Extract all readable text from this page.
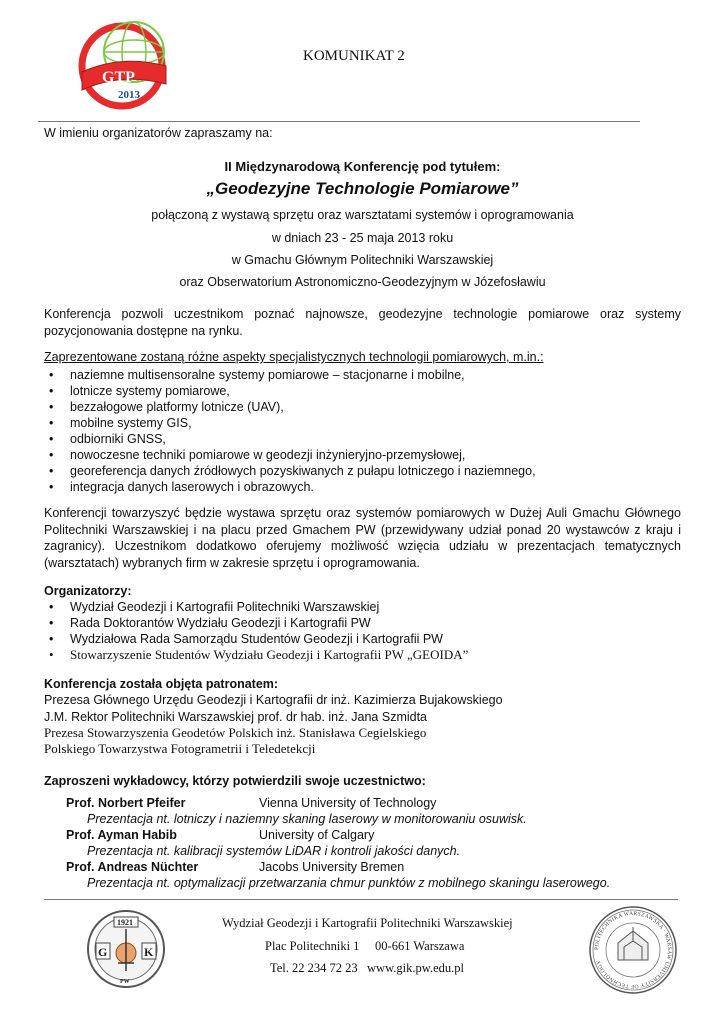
GTP
2013
KOMUNIKAT 2
W imieniu organizatorów zapraszamy na:
II Międzynarodową Konferencję pod tytułem:
„Geodezyjne Technologie Pomiarowe”
połączoną z wystawą sprzętu oraz warsztatami systemów i oprogramowania
w dniach 23 - 25 maja 2013 roku
w Gmachu Głównym Politechniki Warszawskiej
oraz Obserwatorium Astronomiczno-Geodezyjnym w Józefosławiu
Konferencja pozwoli uczestnikom poznać najnowsze, geodezyjne technologie pomiarowe oraz systemy pozycjonowania dostępne na rynku.
Zaprezentowane zostaną różne aspekty specjalistycznych technologii pomiarowych, m.in.:
• naziemne multisensoralne systemy pomiarowe – stacjonarne i mobilne,
• lotnicze systemy pomiarowe,
• bezzałogowe platformy lotnicze (UAV),
• mobilne systemy GIS,
• odbiorniki GNSS,
• nowoczesne techniki pomiarowe w geodezji inżynieryjno-przemysłowej,
• georeferencja danych źródłowych pozyskiwanych z pułapu lotniczego i naziemnego,
• integracja danych laserowych i obrazowych.
Konferencji towarzyszyć będzie wystawa sprzętu oraz systemów pomiarowych w Dużej Auli Gmachu Głównego Politechniki Warszawskiej i na placu przed Gmachem PW (przewidywany udział ponad 20 wystawców z kraju i zagranicy). Uczestnikom dodatkowo oferujemy możliwość wzięcia udziału w prezentacjach tematycznych (warsztatach) wybranych firm w zakresie sprzętu i oprogramowania.
Organizatorzy:
• Wydział Geodezji i Kartografii Politechniki Warszawskiej
• Rada Doktorantów Wydziału Geodezji i Kartografii PW
• Wydziałowa Rada Samorządu Studentów Geodezji i Kartografii PW
• Stowarzyszenie Studentów Wydziału Geodezji i Kartografii PW „GEOIDA”
Konferencja została objęta patronatem:
Prezesa Głównego Urzędu Geodezji i Kartografii dr inż. Kazimierza Bujakowskiego
J.M. Rektor Politechniki Warszawskiej prof. dr hab. inż. Jana Szmidta
Prezesa Stowarzyszenia Geodetów Polskich inż. Stanisława Cegielskiego
Polskiego Towarzystwa Fotogrametrii i Teledetekcji
Zaproszeni wykładowcy, którzy potwierdzili swoje uczestnictwo:
Prof. Norbert Pfeifer	Vienna University of Technology
Prezentacja nt. lotniczy i naziemny skaning laserowy w monitorowaniu osuwisk.
Prof. Ayman Habib	University of Calgary
Prezentacja nt. kalibracji systemów LiDAR i kontroli jakości danych.
Prof. Andreas Nüchter	Jacobs University Bremen
Prezentacja nt. optymalizacji przetwarzania chmur punktów z mobilnego skaningu laserowego.
1921
G	K
PW
Wydział Geodezji i Kartografii Politechniki Warszawskiej
Plac Politechniki 1     00-661 Warszawa
Tel. 22 234 72 23   www.gik.pw.edu.pl
POLITECHNIKA WARSZAWSKA · WARSAW UNIVERSITY OF TECHNOLOGY
